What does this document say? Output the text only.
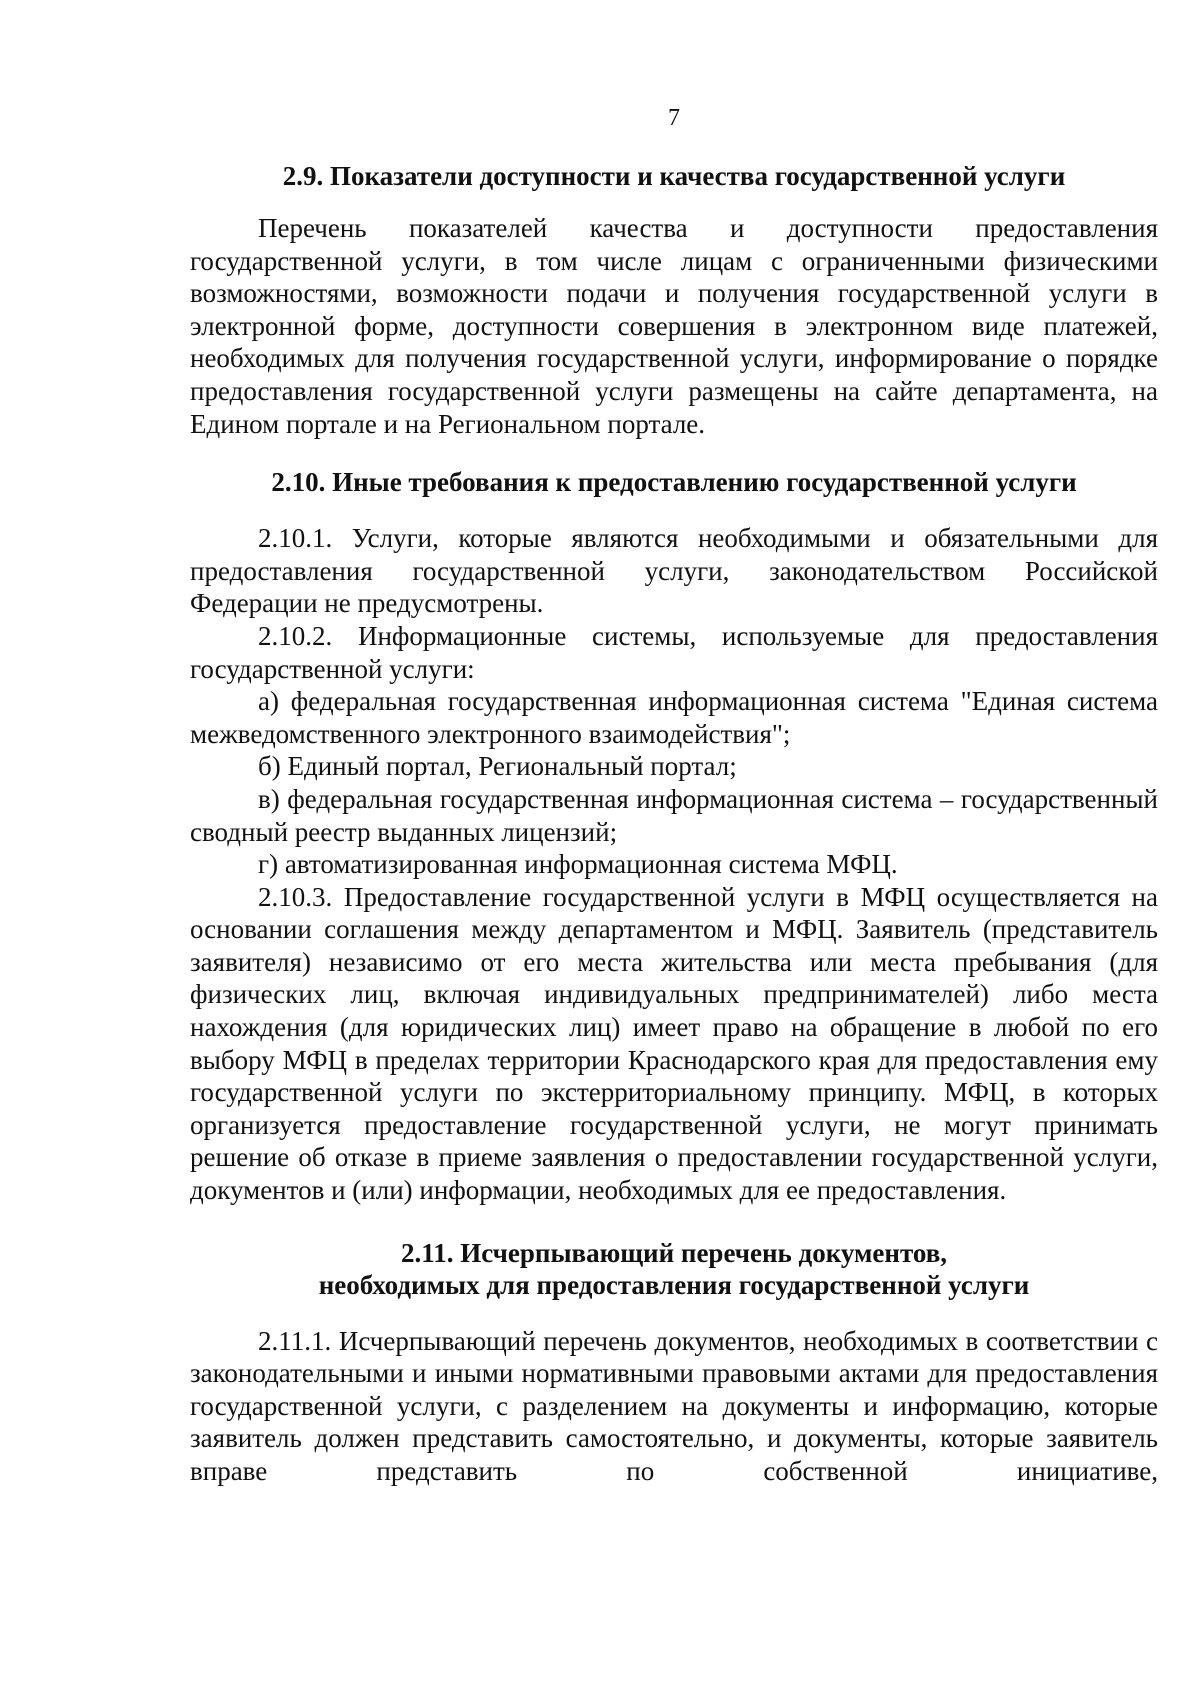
7
2.9. Показатели доступности и качества государственной услуги

Перечень показателей качества и доступности предоставления государственной услуги, в том числе лицам с ограниченными физическими возможностями, возможности подачи и получения государственной услуги в электронной форме, доступности совершения в электронном виде платежей, необходимых для получения государственной услуги, информирование о порядке предоставления государственной услуги размещены на сайте департамента, на Едином портале и на Региональном портале.

2.10. Иные требования к предоставлению государственной услуги

2.10.1. Услуги, которые являются необходимыми и обязательными для предоставления государственной услуги, законодательством Российской Федерации не предусмотрены.

2.10.2. Информационные системы, используемые для предоставления государственной услуги:

а) федеральная государственная информационная система "Единая система межведомственного электронного взаимодействия";

б) Единый портал, Региональный портал;

в) федеральная государственная информационная система – государственный сводный реестр выданных лицензий;

г) автоматизированная информационная система МФЦ.

2.10.3. Предоставление государственной услуги в МФЦ осуществляется на основании соглашения между департаментом и МФЦ. Заявитель (представитель заявителя) независимо от его места жительства или места пребывания (для физических лиц, включая индивидуальных предпринимателей) либо места нахождения (для юридических лиц) имеет право на обращение в любой по его выбору МФЦ в пределах территории Краснодарского края для предоставления ему государственной услуги по экстерриториальному принципу. МФЦ, в которых организуется предоставление государственной услуги, не могут принимать решение об отказе в приеме заявления о предоставлении государственной услуги, документов и (или) информации, необходимых для ее предоставления.

2.11. Исчерпывающий перечень документов,
необходимых для предоставления государственной услуги

2.11.1. Исчерпывающий перечень документов, необходимых в соответствии с законодательными и иными нормативными правовыми актами для предоставления государственной услуги, с разделением на документы и информацию, которые заявитель должен представить самостоятельно, и документы, которые заявитель вправе представить по собственной инициативе,
